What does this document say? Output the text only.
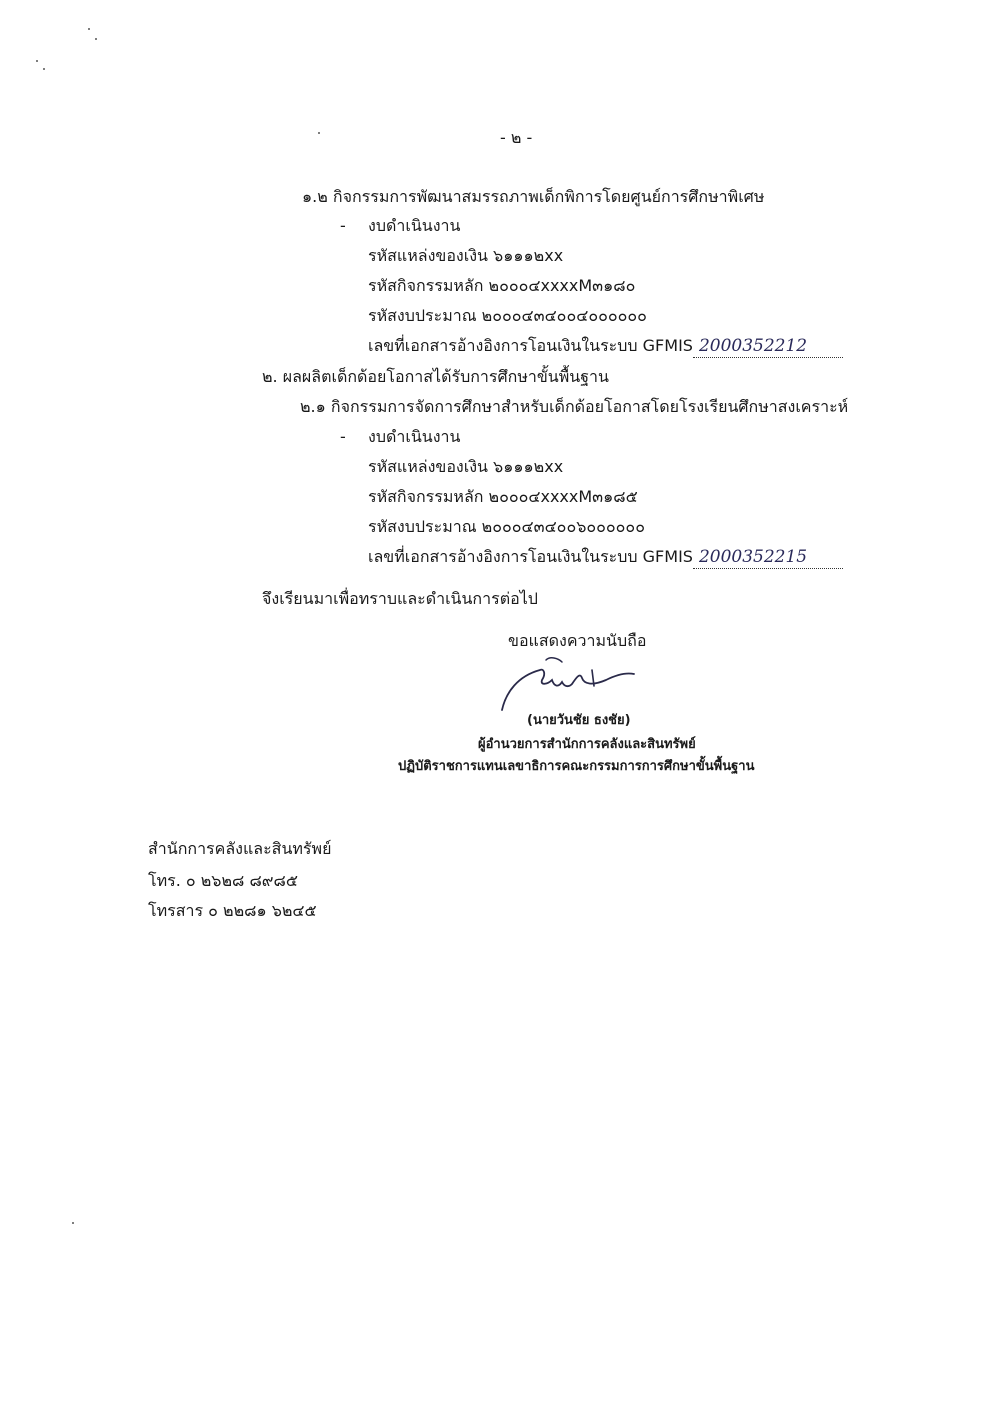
- ๒ -
๑.๒ กิจกรรมการพัฒนาสมรรถภาพเด็กพิการโดยศูนย์การศึกษาพิเศษ
- งบดำเนินงาน
รหัสแหล่งของเงิน ๖๑๑๑๒xx
รหัสกิจกรรมหลัก ๒๐๐๐๔xxxxM๓๑๘๐
รหัสงบประมาณ ๒๐๐๐๔๓๔๐๐๔๐๐๐๐๐๐
เลขที่เอกสารอ้างอิงการโอนเงินในระบบ GFMIS 2000352212
๒. ผลผลิตเด็กด้อยโอกาสได้รับการศึกษาขั้นพื้นฐาน
๒.๑ กิจกรรมการจัดการศึกษาสำหรับเด็กด้อยโอกาสโดยโรงเรียนศึกษาสงเคราะห์
- งบดำเนินงาน
รหัสแหล่งของเงิน ๖๑๑๑๒xx
รหัสกิจกรรมหลัก ๒๐๐๐๔xxxxM๓๑๘๕
รหัสงบประมาณ ๒๐๐๐๔๓๔๐๐๖๐๐๐๐๐๐
เลขที่เอกสารอ้างอิงการโอนเงินในระบบ GFMIS 2000352215
จึงเรียนมาเพื่อทราบและดำเนินการต่อไป
ขอแสดงความนับถือ
(นายวันชัย ธงชัย)
ผู้อำนวยการสำนักการคลังและสินทรัพย์
ปฏิบัติราชการแทนเลขาธิการคณะกรรมการการศึกษาขั้นพื้นฐาน
สำนักการคลังและสินทรัพย์
โทร. ๐ ๒๖๒๘ ๘๙๘๕
โทรสาร ๐ ๒๒๘๑ ๖๒๔๕
